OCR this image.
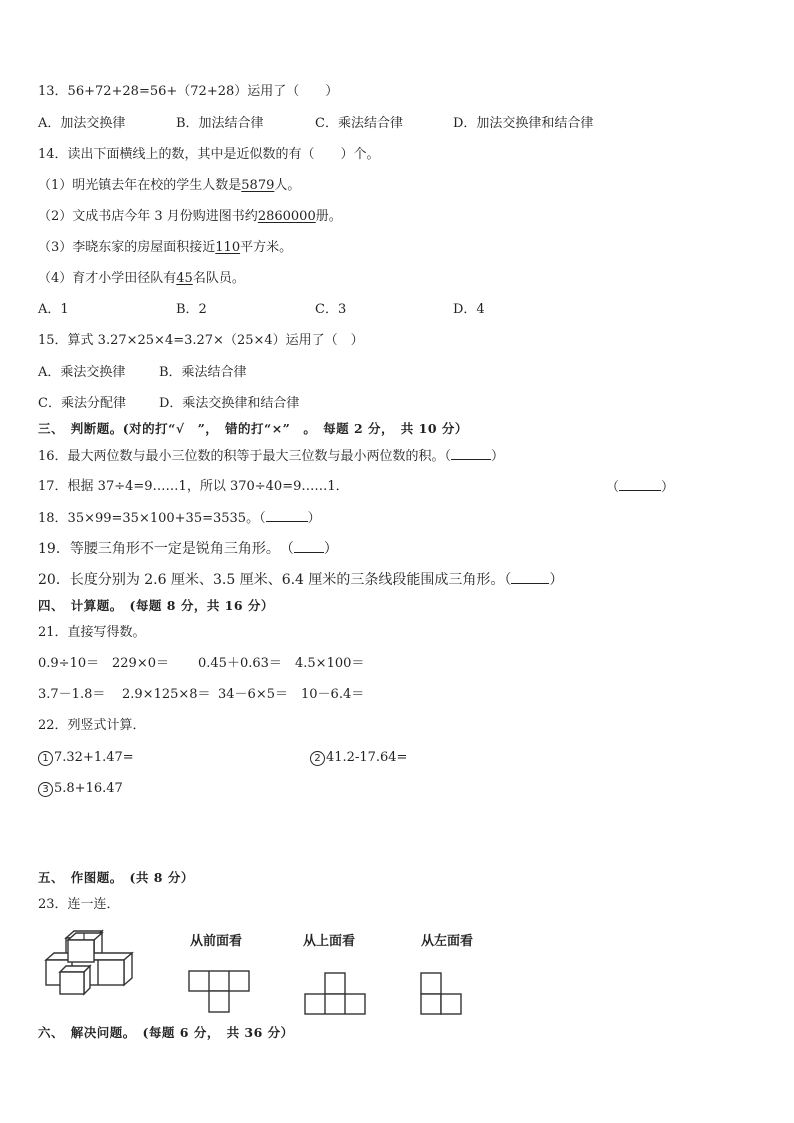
13．56+72+28=56+（72+28）运用了（　　）
A．加法交换律	B．加法结合律	C．乘法结合律	D．加法交换律和结合律
14．读出下面横线上的数，其中是近似数的有（　　）个。
（1）明光镇去年在校的学生人数是5879人。
（2）文成书店今年 3 月份购进图书约2860000册。
（3）李晓东家的房屋面积接近110平方米。
（4）育才小学田径队有45名队员。
A．1	B．2	C．3	D．4
15．算式 3.27×25×4=3.27×（25×4）运用了（　）
A．乘法交换律	B．乘法结合律
C．乘法分配律	D．乘法交换律和结合律
三、　判断题。(对的打“√　”，　错的打“×”　。　每题 2 分，　共 10 分）
16．最大两位数与最小三位数的积等于最大三位数与最小两位数的积。（	）
17．根据 37÷4=9……1，所以 370÷40=9……1．	（	）
18．35×99=35×100+35=3535。（	）
19．等腰三角形不一定是锐角三角形。　（ ）
20．长度分别为 2.6 厘米、3.5 厘米、6.4 厘米的三条线段能围成三角形。（	）
四、　计算题。　(每题 8 分，共 16 分）
21．直接写得数。
0.9÷10＝ 229×0＝ 0.45＋0.63＝ 4.5×100＝
3.7－1.8＝ 2.9×125×8＝ 34－6×5＝ 10－6.4＝
22．列竖式计算．
1 7.32+1.47=	2 41.2-17.64=
3 5.8+16.47
五、　作图题。　(共 8 分）
23．连一连．
从前面看	从上面看	从左面看
六、　解决问题。　(每题 6 分，　共 36 分）
